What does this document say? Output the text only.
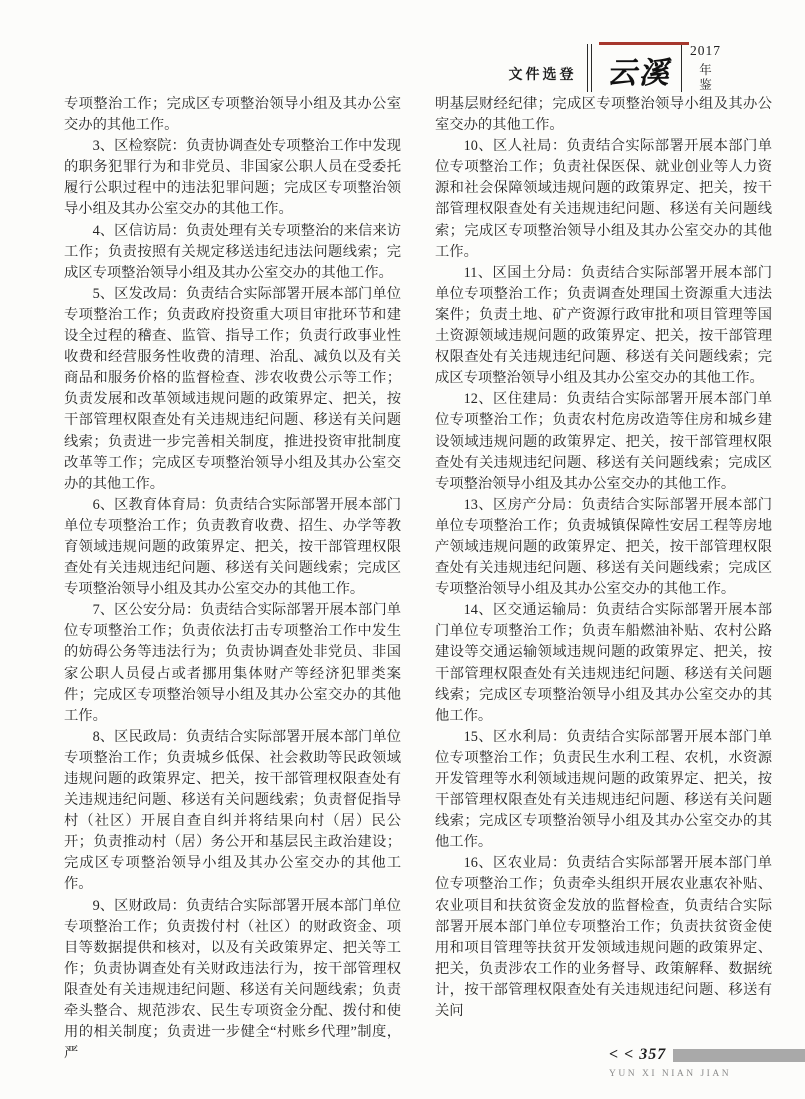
文件选登 云溪
2017
年
鉴

专项整治工作；完成区专项整治领导小组及其办公室交办的其他工作。

3、区检察院：负责协调查处专项整治工作中发现的职务犯罪行为和非党员、非国家公职人员在受委托履行公职过程中的违法犯罪问题；完成区专项整治领导小组及其办公室交办的其他工作。

4、区信访局：负责处理有关专项整治的来信来访工作；负责按照有关规定移送违纪违法问题线索；完成区专项整治领导小组及其办公室交办的其他工作。

5、区发改局：负责结合实际部署开展本部门单位专项整治工作；负责政府投资重大项目审批环节和建设全过程的稽查、监管、指导工作；负责行政事业性收费和经营服务性收费的清理、治乱、减负以及有关商品和服务价格的监督检查、涉农收费公示等工作；负责发展和改革领域违规问题的政策界定、把关，按干部管理权限查处有关违规违纪问题、移送有关问题线索；负责进一步完善相关制度，推进投资审批制度改革等工作；完成区专项整治领导小组及其办公室交办的其他工作。

6、区教育体育局：负责结合实际部署开展本部门单位专项整治工作；负责教育收费、招生、办学等教育领域违规问题的政策界定、把关，按干部管理权限查处有关违规违纪问题、移送有关问题线索；完成区专项整治领导小组及其办公室交办的其他工作。

7、区公安分局：负责结合实际部署开展本部门单位专项整治工作；负责依法打击专项整治工作中发生的妨碍公务等违法行为；负责协调查处非党员、非国家公职人员侵占或者挪用集体财产等经济犯罪类案件；完成区专项整治领导小组及其办公室交办的其他工作。

8、区民政局：负责结合实际部署开展本部门单位专项整治工作；负责城乡低保、社会救助等民政领域违规问题的政策界定、把关，按干部管理权限查处有关违规违纪问题、移送有关问题线索；负责督促指导村（社区）开展自查自纠并将结果向村（居）民公开；负责推动村（居）务公开和基层民主政治建设；完成区专项整治领导小组及其办公室交办的其他工作。

9、区财政局：负责结合实际部署开展本部门单位专项整治工作；负责拨付村（社区）的财政资金、项目等数据提供和核对，以及有关政策界定、把关等工作；负责协调查处有关财政违法行为，按干部管理权限查处有关违规违纪问题、移送有关问题线索；负责牵头整合、规范涉农、民生专项资金分配、拨付和使用的相关制度；负责进一步健全“村账乡代理”制度，严

明基层财经纪律；完成区专项整治领导小组及其办公室交办的其他工作。

10、区人社局：负责结合实际部署开展本部门单位专项整治工作；负责社保医保、就业创业等人力资源和社会保障领域违规问题的政策界定、把关，按干部管理权限查处有关违规违纪问题、移送有关问题线索；完成区专项整治领导小组及其办公室交办的其他工作。

11、区国土分局：负责结合实际部署开展本部门单位专项整治工作；负责调查处理国土资源重大违法案件；负责土地、矿产资源行政审批和项目管理等国土资源领域违规问题的政策界定、把关，按干部管理权限查处有关违规违纪问题、移送有关问题线索；完成区专项整治领导小组及其办公室交办的其他工作。

12、区住建局：负责结合实际部署开展本部门单位专项整治工作；负责农村危房改造等住房和城乡建设领域违规问题的政策界定、把关，按干部管理权限查处有关违规违纪问题、移送有关问题线索；完成区专项整治领导小组及其办公室交办的其他工作。

13、区房产分局：负责结合实际部署开展本部门单位专项整治工作；负责城镇保障性安居工程等房地产领域违规问题的政策界定、把关，按干部管理权限查处有关违规违纪问题、移送有关问题线索；完成区专项整治领导小组及其办公室交办的其他工作。

14、区交通运输局：负责结合实际部署开展本部门单位专项整治工作；负责车船燃油补贴、农村公路建设等交通运输领域违规问题的政策界定、把关，按干部管理权限查处有关违规违纪问题、移送有关问题线索；完成区专项整治领导小组及其办公室交办的其他工作。

15、区水利局：负责结合实际部署开展本部门单位专项整治工作；负责民生水利工程、农机，水资源开发管理等水利领域违规问题的政策界定、把关，按干部管理权限查处有关违规违纪问题、移送有关问题线索；完成区专项整治领导小组及其办公室交办的其他工作。

16、区农业局：负责结合实际部署开展本部门单位专项整治工作；负责牵头组织开展农业惠农补贴、农业项目和扶贫资金发放的监督检查，负责结合实际部署开展本部门单位专项整治工作；负责扶贫资金使用和项目管理等扶贫开发领域违规问题的政策界定、把关，负责涉农工作的业务督导、政策解释、数据统计，按干部管理权限查处有关违规违纪问题、移送有关问

< < 357
YUN XI NIAN JIAN
